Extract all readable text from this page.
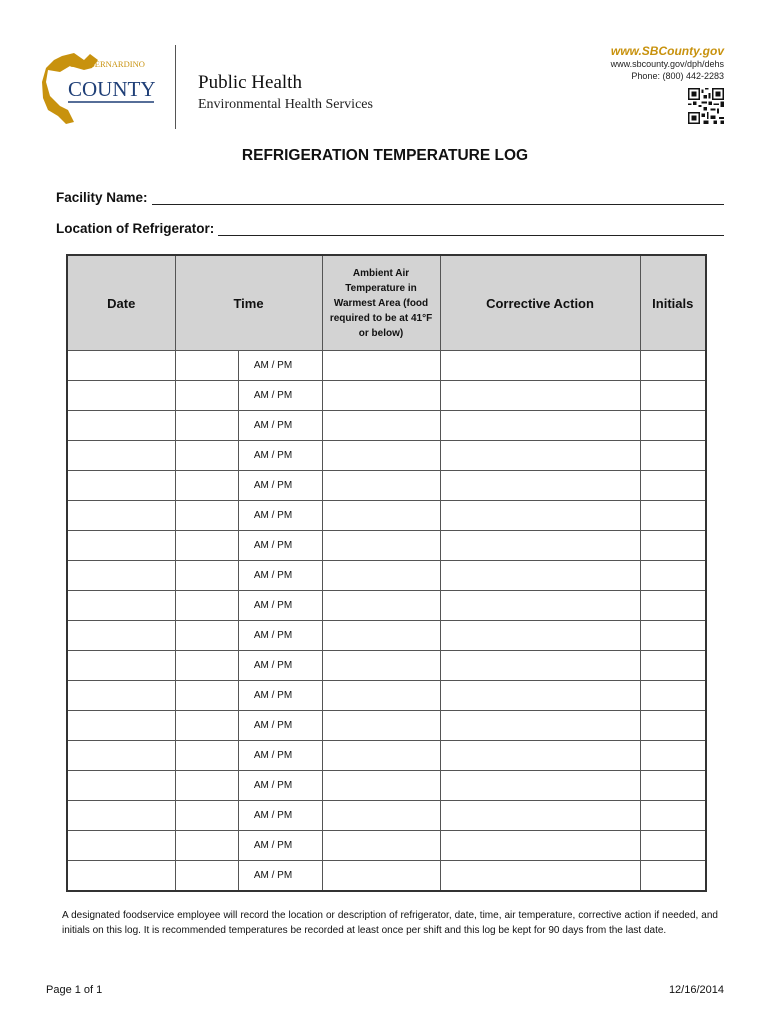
SAN BERNARDINO
COUNTY Public Health
Environmental Health Services
www.SBCounty.gov
www.sbcounty.gov/dph/dehs
Phone: (800) 442-2283
REFRIGERATION TEMPERATURE LOG
Facility Name:
Location of Refrigerator:
Date	Time		Ambient Air Temperature in Warmest Area (food required to be at 41°F or below)	Corrective Action	Initials
		AM / PM			
		AM / PM			
		AM / PM			
		AM / PM			
		AM / PM			
		AM / PM			
		AM / PM			
		AM / PM			
		AM / PM			
		AM / PM			
		AM / PM			
		AM / PM			
		AM / PM			
		AM / PM			
		AM / PM			
		AM / PM			
		AM / PM			
		AM / PM			
A designated foodservice employee will record the location or description of refrigerator, date, time, air temperature, corrective action if needed, and initials on this log. It is recommended temperatures be recorded at least once per shift and this log be kept for 90 days from the last date.
Page 1 of 1	12/16/2014
